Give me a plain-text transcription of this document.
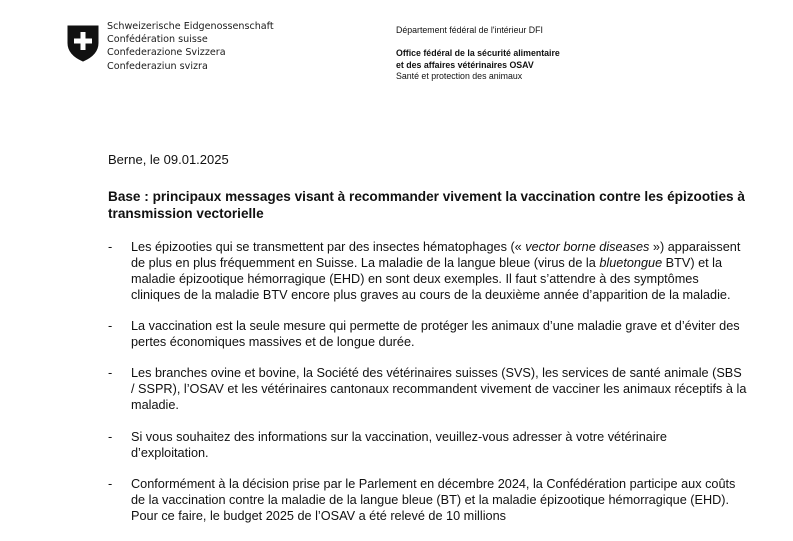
Schweizerische Eidgenossenschaft
Confédération suisse
Confederazione Svizzera
Confederaziun svizra
Département fédéral de l'intérieur DFI
Office fédéral de la sécurité alimentaire
et des affaires vétérinaires OSAV
Santé et protection des animaux
Berne, le 09.01.2025
Base : principaux messages visant à recommander vivement la vaccination contre les épizooties à transmission vectorielle
- Les épizooties qui se transmettent par des insectes hématophages (« vector borne diseases ») apparaissent de plus en plus fréquemment en Suisse. La maladie de la langue bleue (virus de la bluetongue BTV) et la maladie épizootique hémorragique (EHD) en sont deux exemples. Il faut s’attendre à des symptômes cliniques de la maladie BTV encore plus graves au cours de la deuxième année d’apparition de la maladie.
- La vaccination est la seule mesure qui permette de protéger les animaux d’une maladie grave et d’éviter des pertes économiques massives et de longue durée.
- Les branches ovine et bovine, la Société des vétérinaires suisses (SVS), les services de santé animale (SBS / SSPR), l’OSAV et les vétérinaires cantonaux recommandent vivement de vacciner les animaux réceptifs à la maladie.
- Si vous souhaitez des informations sur la vaccination, veuillez-vous adresser à votre vétérinaire d’exploitation.
- Conformément à la décision prise par le Parlement en décembre 2024, la Confédération participe aux coûts de la vaccination contre la maladie de la langue bleue (BT) et la maladie épizootique hémorragique (EHD). Pour ce faire, le budget 2025 de l’OSAV a été relevé de 10 millions
